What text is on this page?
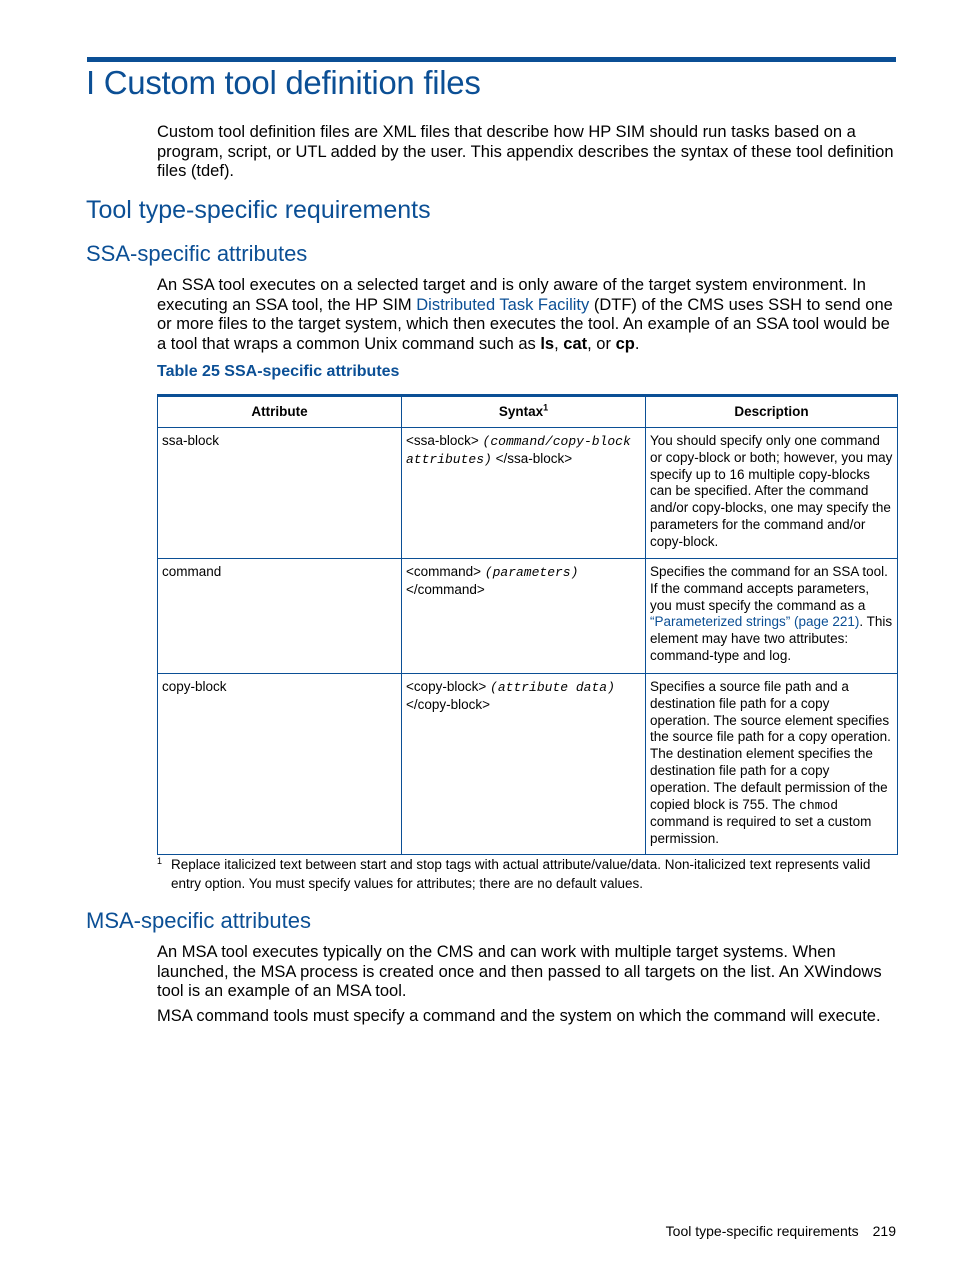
I Custom tool definition files

Custom tool definition files are XML files that describe how HP SIM should run tasks based on a program, script, or UTL added by the user. This appendix describes the syntax of these tool definition files (tdef).

Tool type-specific requirements
SSA-specific attributes

An SSA tool executes on a selected target and is only aware of the target system environment. In executing an SSA tool, the HP SIM Distributed Task Facility (DTF) of the CMS uses SSH to send one or more files to the target system, which then executes the tool. An example of an SSA tool would be a tool that wraps a common Unix command such as ls, cat, or cp.

Table 25 SSA-specific attributes

Attribute	Syntax$^1$	Description
ssa-block	<ssa-block> (command/copy-block attributes) </ssa-block>	You should specify only one command or copy-block or both; however, you may specify up to 16 multiple copy-blocks can be specified. After the command and/or copy-blocks, one may specify the parameters for the command and/or copy-block.
command	<command> (parameters) </command>	Specifies the command for an SSA tool. If the command accepts parameters, you must specify the command as a “Parameterized strings” (page 221). This element may have two attributes: command-type and log.
copy-block	<copy-block> (attribute data) </copy-block>	Specifies a source file path and a destination file path for a copy operation. The source element specifies the source file path for a copy operation. The destination element specifies the destination file path for a copy operation. The default permission of the copied block is 755. The chmod command is required to set a custom permission.

1 Replace italicized text between start and stop tags with actual attribute/value/data. Non-italicized text represents valid entry option. You must specify values for attributes; there are no default values.

MSA-specific attributes

An MSA tool executes typically on the CMS and can work with multiple target systems. When launched, the MSA process is created once and then passed to all targets on the list. An XWindows tool is an example of an MSA tool.

MSA command tools must specify a command and the system on which the command will execute.

Tool type-specific requirements 219
